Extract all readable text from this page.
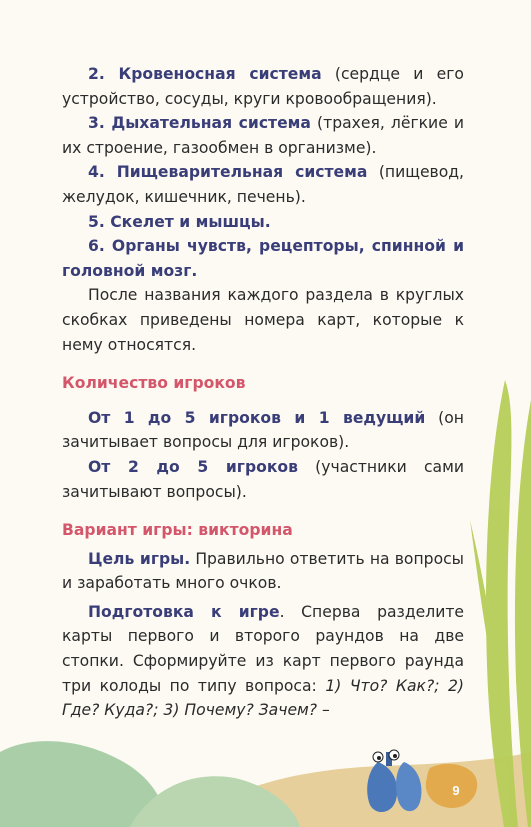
9

2. Кровеносная система (сердце и его устройство, сосуды, круги кровообращения).

3. Дыхательная система (трахея, лёгкие и их строение, газообмен в организме).

4. Пищеварительная система (пищевод, желудок, кишечник, печень).

5. Скелет и мышцы.

6. Органы чувств, рецепторы, спинной и головной мозг.

После названия каждого раздела в круглых скобках приведены номера карт, которые к нему относятся.

Количество игроков

От 1 до 5 игроков и 1 ведущий (он зачитывает вопросы для игроков).

От 2 до 5 игроков (участники сами зачитывают вопросы).

Вариант игры: викторина

Цель игры. Правильно ответить на вопросы и заработать много очков.

Подготовка к игре. Сперва разделите карты первого и второго раундов на две стопки. Сформируйте из карт первого раунда три колоды по типу вопроса: 1) Что? Как?; 2) Где? Куда?; 3) Почему? Зачем? –
